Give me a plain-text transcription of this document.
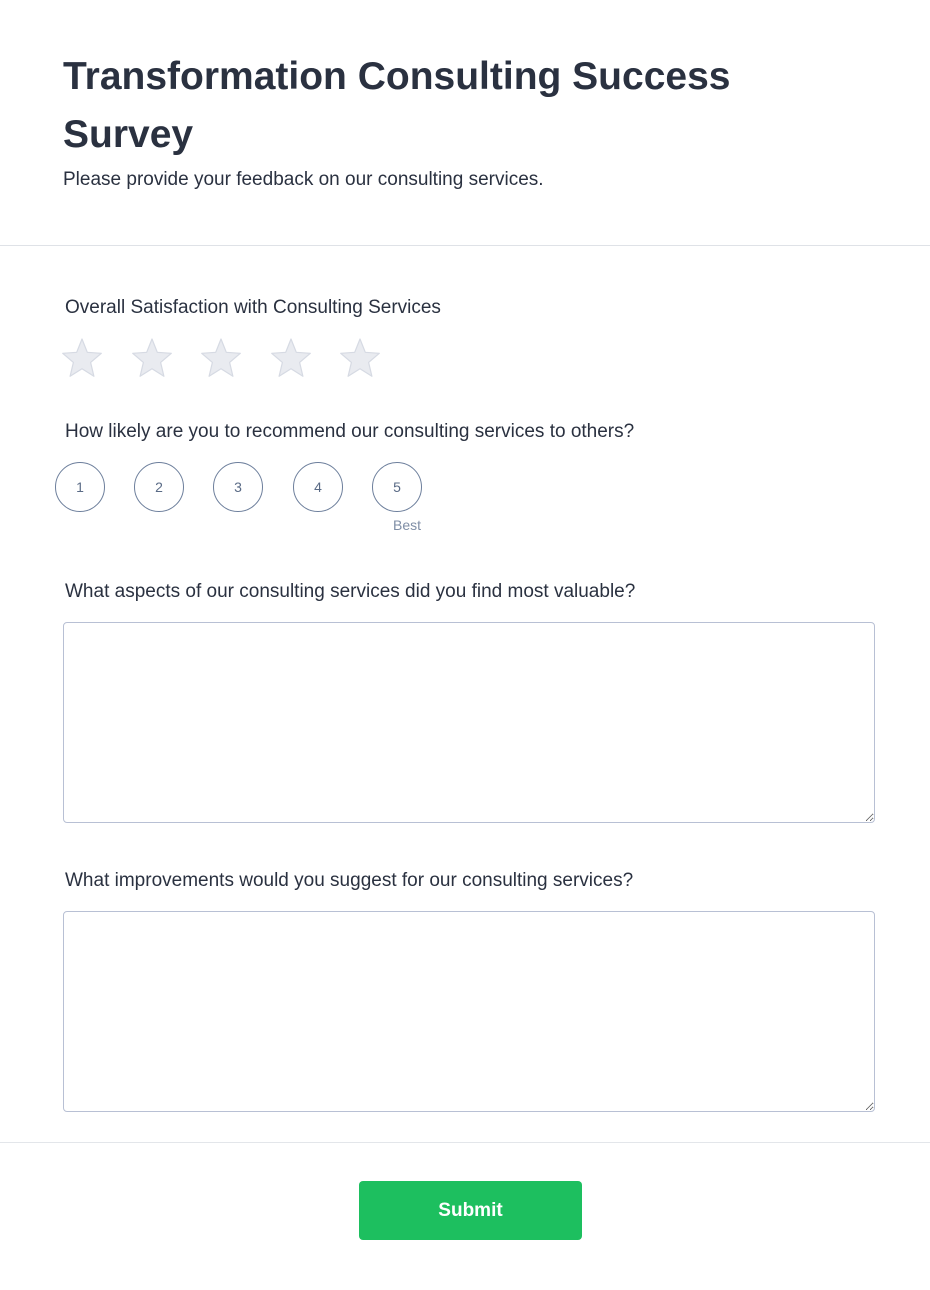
Transformation Consulting Success Survey

Please provide your feedback on our consulting services.

Overall Satisfaction with Consulting Services

How likely are you to recommend our consulting services to others?

1	2	3	4	5
Best

What aspects of our consulting services did you find most valuable?

What improvements would you suggest for our consulting services?

Submit
